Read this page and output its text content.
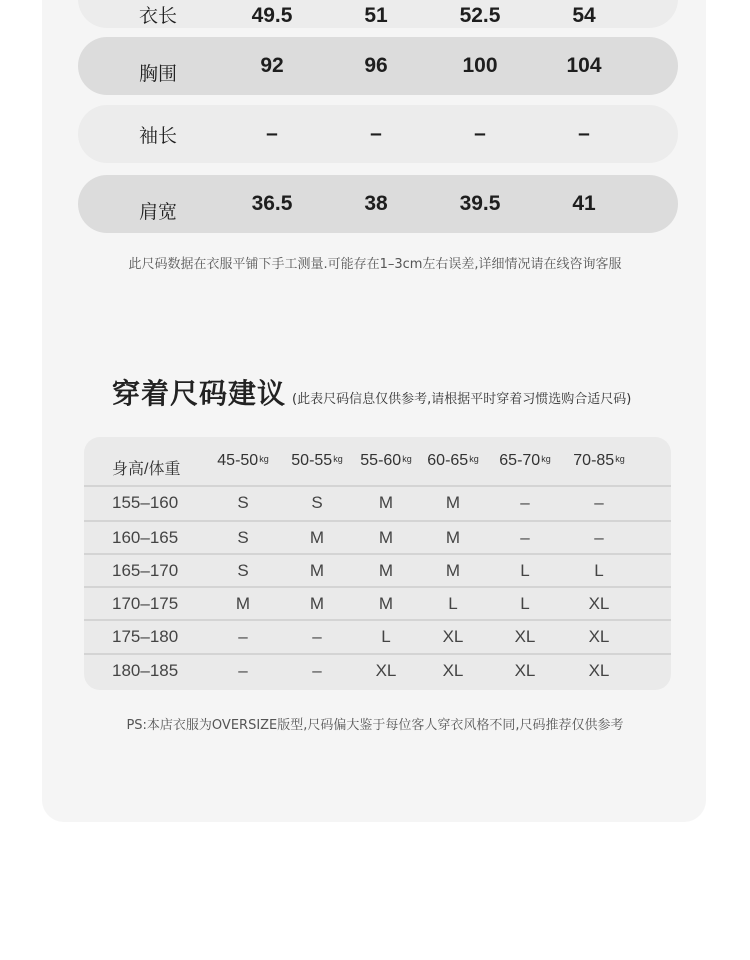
衣长	49.5	51	52.5	54
胸围	92	96	100	104
袖长	–	–	–	–
肩宽	36.5	38	39.5	41
此尺码数据在衣服平铺下手工测量.可能存在1–3cm左右误差,详细情况请在线咨询客服
穿着尺码建议 (此表尺码信息仅供参考,请根据平时穿着习惯选购合适尺码)
身高/体重	$45-50^{kg}$ $50-55^{kg}$ $55-60^{kg}$ $60-65^{kg}$ $65-70^{kg}$ $70-85^{kg}$
155–160	S	S	M	M	–	–
160–165	S	M	M	M	–	–
165–170	S	M	M	M	L	L
170–175	M	M	M	L	L	XL
175–180	–	–	L	XL	XL	XL
180–185	–	–	XL	XL	XL	XL
PS:本店衣服为OVERSIZE版型,尺码偏大鉴于每位客人穿衣风格不同,尺码推荐仅供参考
